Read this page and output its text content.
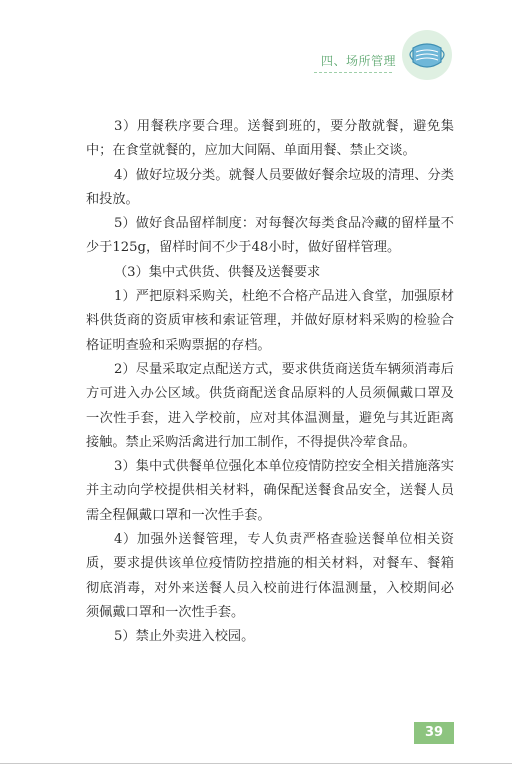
四、场所管理

3）用餐秩序要合理。送餐到班的，要分散就餐，避免集中；在食堂就餐的，应加大间隔、单面用餐、禁止交谈。

4）做好垃圾分类。就餐人员要做好餐余垃圾的清理、分类和投放。

5）做好食品留样制度：对每餐次每类食品冷藏的留样量不少于125g，留样时间不少于48小时，做好留样管理。

（3）集中式供货、供餐及送餐要求

1）严把原料采购关，杜绝不合格产品进入食堂，加强原材料供货商的资质审核和索证管理，并做好原材料采购的检验合格证明查验和采购票据的存档。

2）尽量采取定点配送方式，要求供货商送货车辆须消毒后方可进入办公区域。供货商配送食品原料的人员须佩戴口罩及一次性手套，进入学校前，应对其体温测量，避免与其近距离接触。禁止采购活禽进行加工制作，不得提供冷荤食品。

3）集中式供餐单位强化本单位疫情防控安全相关措施落实并主动向学校提供相关材料，确保配送餐食品安全，送餐人员需全程佩戴口罩和一次性手套。

4）加强外送餐管理，专人负责严格查验送餐单位相关资质，要求提供该单位疫情防控措施的相关材料，对餐车、餐箱彻底消毒，对外来送餐人员入校前进行体温测量，入校期间必须佩戴口罩和一次性手套。

5）禁止外卖进入校园。

39
